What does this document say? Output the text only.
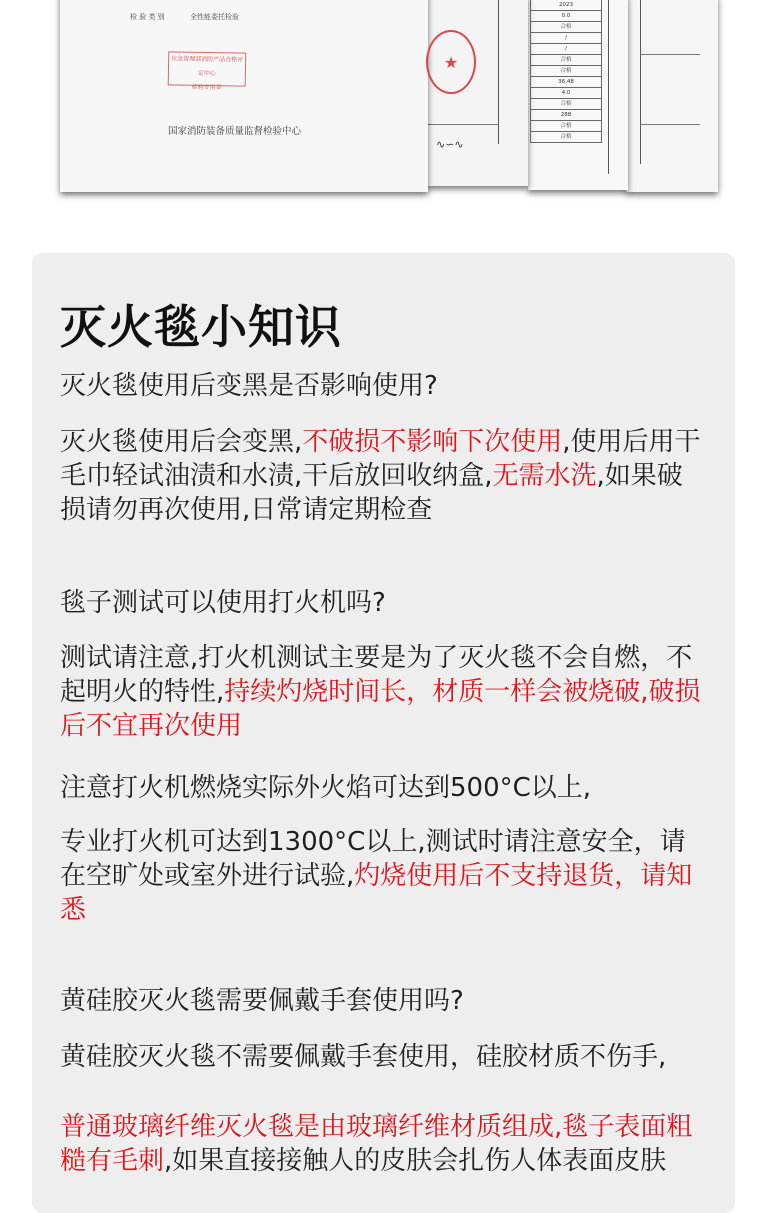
2023
0.0
合格
/
/
合格
合格
36.48
4.0
合格
288
合格
合格
检 验 类 别	全性能委托检验
应急管理部消防产品合格评定中心
检验专用章
国家消防装备质量监督检验中心
★
∿∽∿
灭火毯小知识

灭火毯使用后变黑是否影响使用?

灭火毯使用后会变黑,不破损不影响下次使用,使用后用干毛巾轻试油渍和水渍,干后放回收纳盒,无需水洗,如果破损请勿再次使用,日常请定期检查

毯子测试可以使用打火机吗?

测试请注意,打火机测试主要是为了灭火毯不会自燃，不起明火的特性,持续灼烧时间长，材质一样会被烧破,破损后不宜再次使用

注意打火机燃烧实际外火焰可达到500°C以上,

专业打火机可达到1300°C以上,测试时请注意安全，请在空旷处或室外进行试验,灼烧使用后不支持退货，请知悉

黄硅胶灭火毯需要佩戴手套使用吗?

黄硅胶灭火毯不需要佩戴手套使用，硅胶材质不伤手,

普通玻璃纤维灭火毯是由玻璃纤维材质组成,毯子表面粗糙有毛刺,如果直接接触人的皮肤会扎伤人体表面皮肤
